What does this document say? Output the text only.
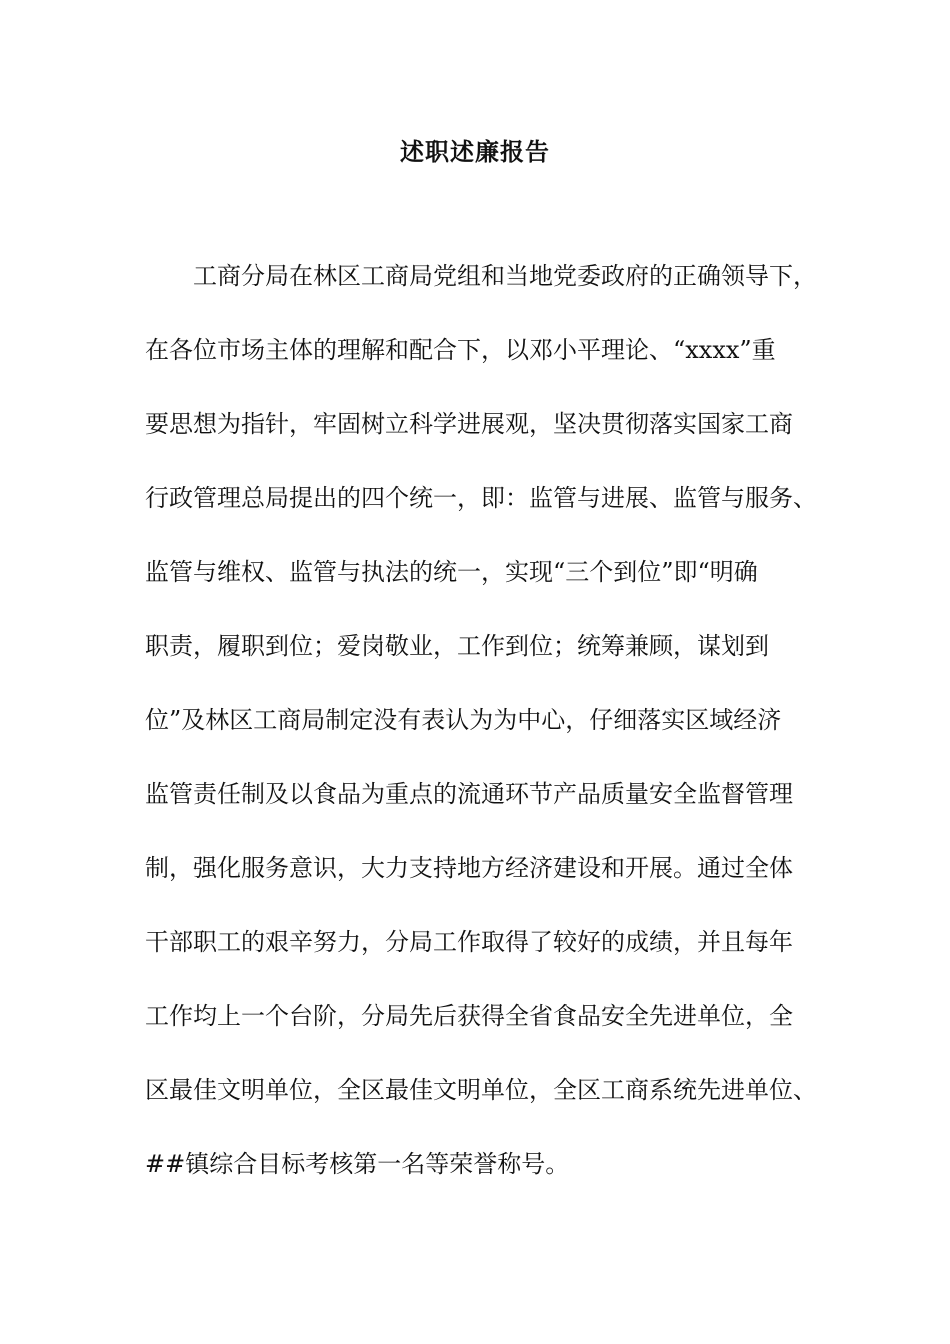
述职述廉报告
工商分局在林区工商局党组和当地党委政府的正确领导下，
在各位市场主体的理解和配合下，以邓小平理论、“xxxx”重
要思想为指针，牢固树立科学进展观，坚决贯彻落实国家工商
行政管理总局提出的四个统一，即：监管与进展、监管与服务、
监管与维权、监管与执法的统一，实现“三个到位”即“明确
职责，履职到位；爱岗敬业，工作到位；统筹兼顾，谋划到
位”及林区工商局制定没有表认为为中心，仔细落实区域经济
监管责任制及以食品为重点的流通环节产品质量安全监督管理
制，强化服务意识，大力支持地方经济建设和开展。通过全体
干部职工的艰辛努力，分局工作取得了较好的成绩，并且每年
工作均上一个台阶，分局先后获得全省食品安全先进单位，全
区最佳文明单位，全区最佳文明单位，全区工商系统先进单位、
##镇综合目标考核第一名等荣誉称号。
